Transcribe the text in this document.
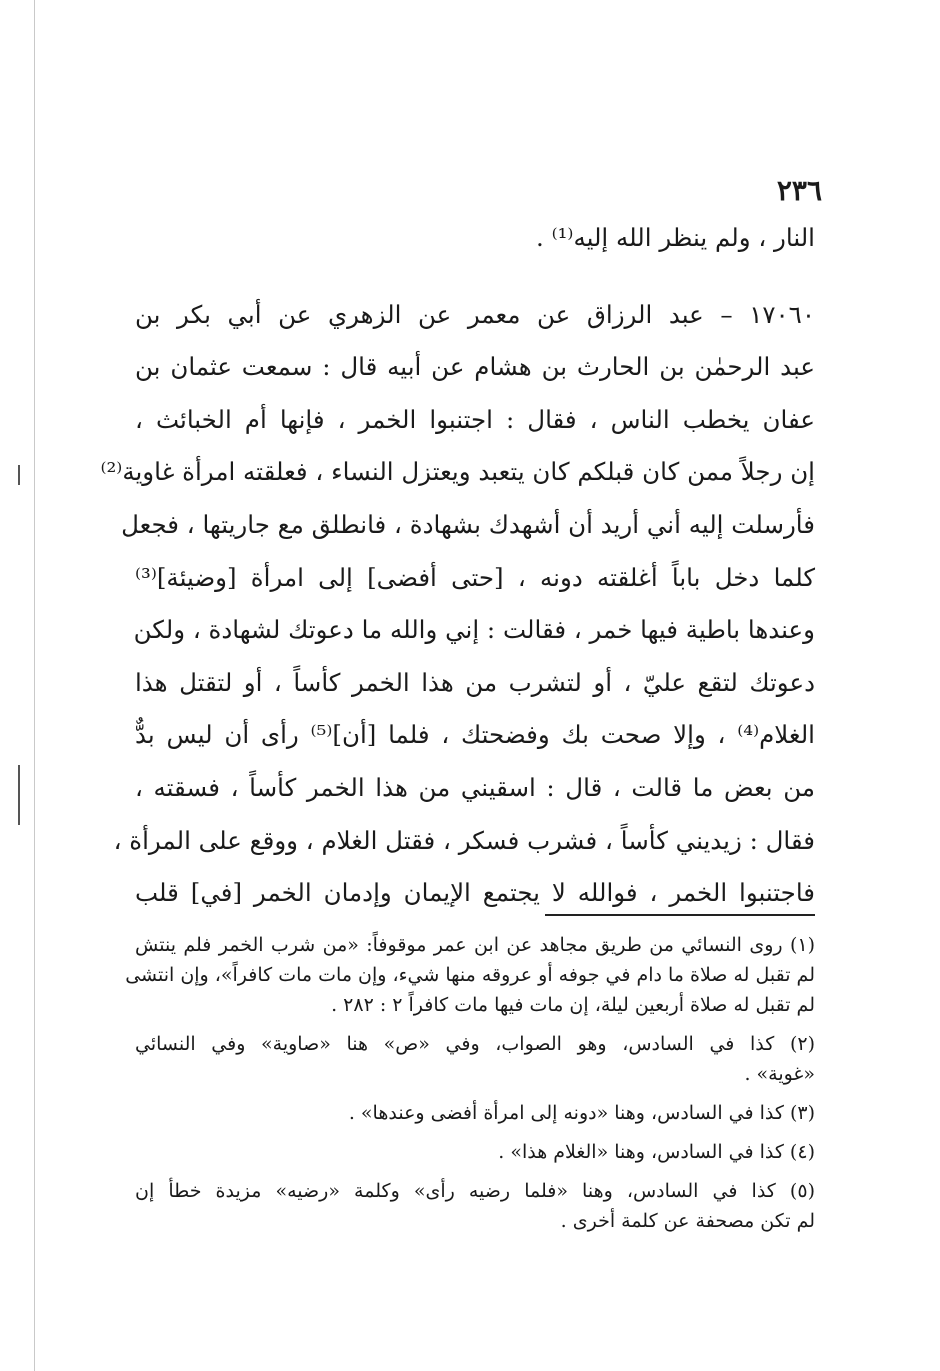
٢٣٦
النار ، ولم ينظر الله إليه⁽¹⁾ .
١٧٠٦٠ – عبد الرزاق عن معمر عن الزهري عن أبي بكر بن
عبد الرحمٰن بن الحارث بن هشام عن أبيه قال : سمعت عثمان بن
عفان يخطب الناس ، فقال : اجتنبوا الخمر ، فإنها أم الخبائث ،
إن رجلاً ممن كان قبلكم كان يتعبد ويعتزل النساء ، فعلقته امرأة غاوية⁽²⁾
فأرسلت إليه أني أريد أن أشهدك بشهادة ، فانطلق مع جاريتها ، فجعل
كلما دخل باباً أغلقته دونه ، [حتى أفضى] إلى امرأة [وضيئة]⁽³⁾
وعندها باطية فيها خمر ، فقالت : إني والله ما دعوتك لشهادة ، ولكن
دعوتك لتقع عليّ ، أو لتشرب من هذا الخمر كأساً ، أو لتقتل هذا
الغلام⁽⁴⁾ ، وإلا صحت بك وفضحتك ، فلما [أن]⁽⁵⁾ رأى أن ليس بدٌّ
من بعض ما قالت ، قال : اسقيني من هذا الخمر كأساً ، فسقته ،
فقال : زيديني كأساً ، فشرب فسكر ، فقتل الغلام ، ووقع على المرأة ،
فاجتنبوا الخمر ، فوالله لا يجتمع الإيمان وإدمان الخمر [في] قلب
(١) روى النسائي من طريق مجاهد عن ابن عمر موقوفاً: «من شرب الخمر فلم ينتش
لم تقبل له صلاة ما دام في جوفه أو عروقه منها شيء، وإن مات مات كافراً»، وإن انتشى
لم تقبل له صلاة أربعين ليلة، إن مات فيها مات كافراً ٢ : ٢٨٢ .
(٢) كذا في السادس، وهو الصواب، وفي «ص» هنا «صاوية» وفي النسائي
«غوية» .
(٣) كذا في السادس، وهنا «دونه إلى امرأة أفضى وعندها» .
(٤) كذا في السادس، وهنا «الغلام هذا» .
(٥) كذا في السادس، وهنا «فلما رضيه رأى» وكلمة «رضيه» مزيدة خطأ إن
لم تكن مصحفة عن كلمة أخرى .
